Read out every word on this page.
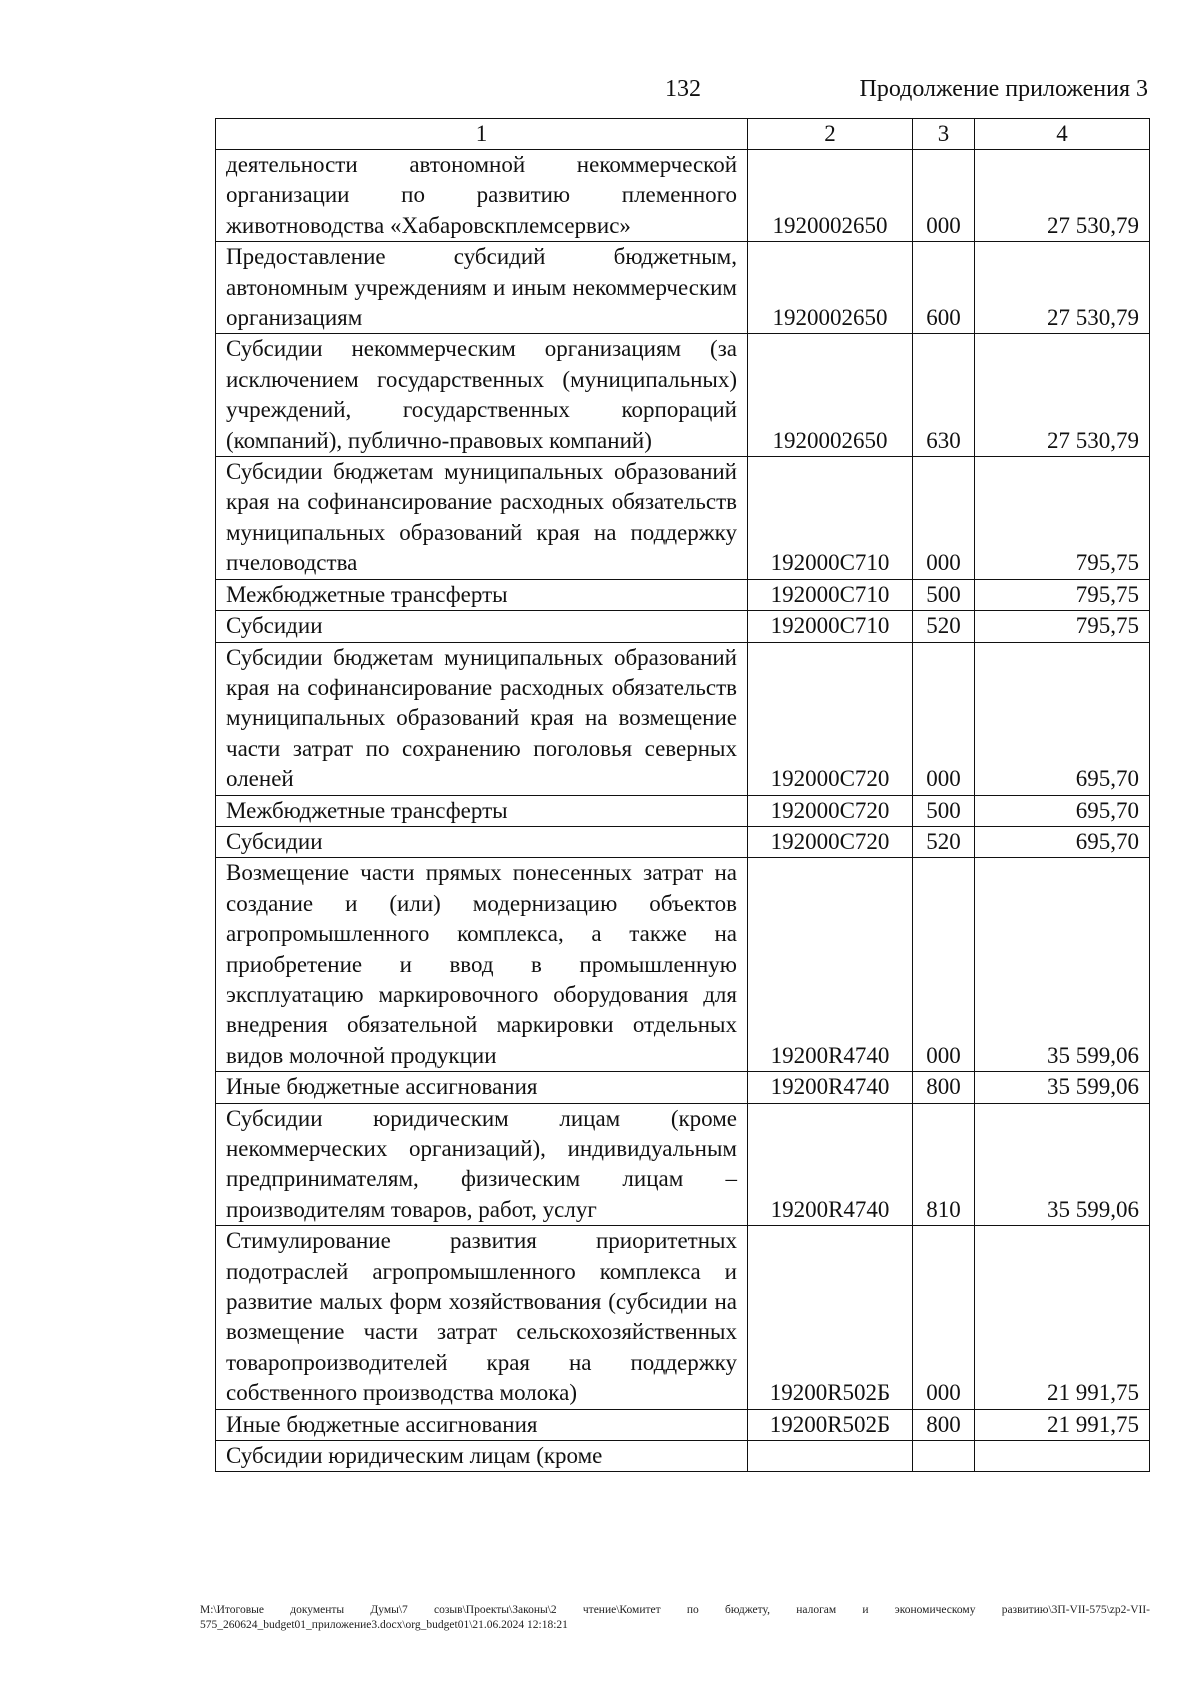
132	Продолжение приложения 3
1	2	3	4
деятельности автономной некоммерческой организации по развитию племенного животноводства «Хабаровскплемсервис»	1920002650	000	27 530,79
Предоставление субсидий бюджетным, автономным учреждениям и иным некоммерческим организациям	1920002650	600	27 530,79
Субсидии некоммерческим организациям (за исключением государственных (муниципальных) учреждений, государственных корпораций (компаний), публично-правовых компаний)	1920002650	630	27 530,79
Субсидии бюджетам муниципальных образований края на софинансирование расходных обязательств муниципальных образований края на поддержку пчеловодства	192000С710	000	795,75
Межбюджетные трансферты	192000С710	500	795,75
Субсидии	192000С710	520	795,75
Субсидии бюджетам муниципальных образований края на софинансирование расходных обязательств муниципальных образований края на возмещение части затрат по сохранению поголовья северных оленей	192000С720	000	695,70
Межбюджетные трансферты	192000С720	500	695,70
Субсидии	192000С720	520	695,70
Возмещение части прямых понесенных затрат на создание и (или) модернизацию объектов агропромышленного комплекса, а также на приобретение и ввод в промышленную эксплуатацию маркировочного оборудования для внедрения обязательной маркировки отдельных видов молочной продукции	19200R4740	000	35 599,06
Иные бюджетные ассигнования	19200R4740	800	35 599,06
Субсидии юридическим лицам (кроме некоммерческих организаций), индивидуальным предпринимателям, физическим лицам – производителям товаров, работ, услуг	19200R4740	810	35 599,06
Стимулирование развития приоритетных подотраслей агропромышленного комплекса и развитие малых форм хозяйствования (субсидии на возмещение части затрат сельскохозяйственных товаропроизводителей края на поддержку собственного производства молока)	19200R502Б	000	21 991,75
Иные бюджетные ассигнования	19200R502Б	800	21 991,75
Субсидии юридическим лицам (кроме			
M:\Итоговые документы Думы\7 созыв\Проекты\Законы\2 чтение\Комитет по бюджету, налогам и экономическому развитию\3П-VII-575\zp2-VII-575_260624_budget01_приложение3.docx\org_budget01\21.06.2024 12:18:21
